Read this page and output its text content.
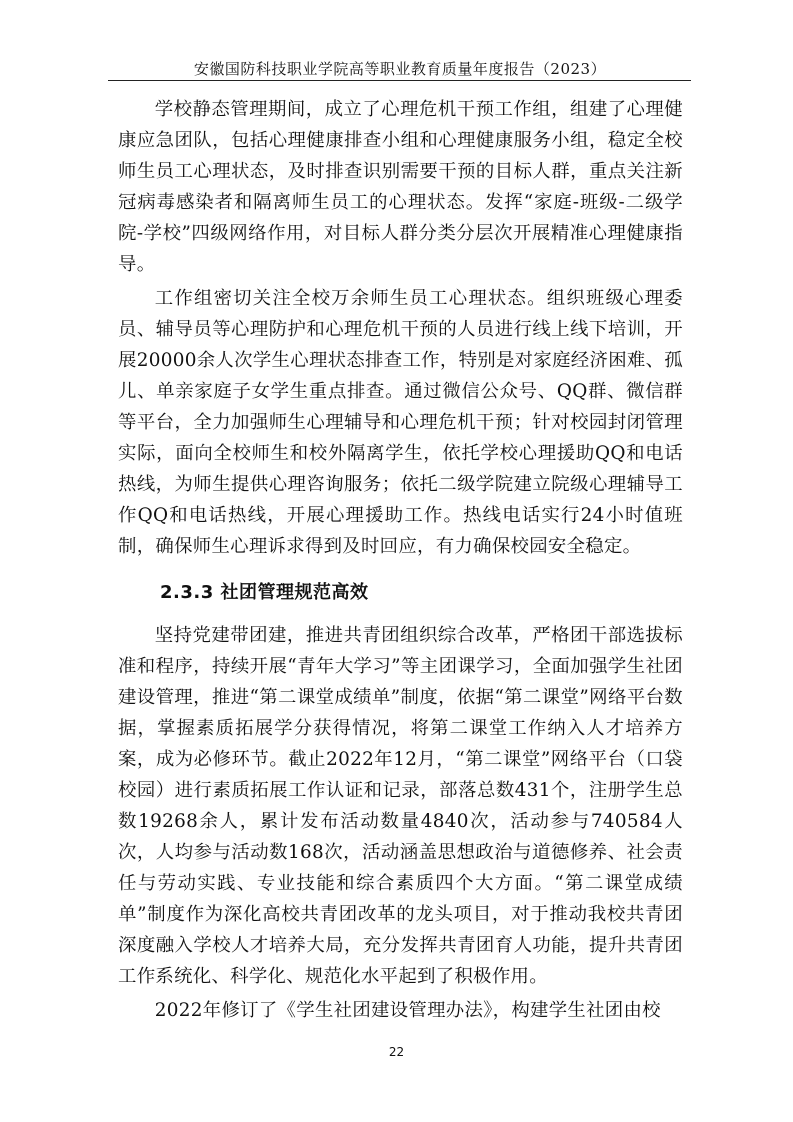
安徽国防科技职业学院高等职业教育质量年度报告（2023）

学校静态管理期间，成立了心理危机干预工作组，组建了心理健康应急团队，包括心理健康排查小组和心理健康服务小组，稳定全校师生员工心理状态，及时排查识别需要干预的目标人群，重点关注新冠病毒感染者和隔离师生员工的心理状态。发挥“家庭-班级-二级学院-学校”四级网络作用，对目标人群分类分层次开展精准心理健康指导。

工作组密切关注全校万余师生员工心理状态。组织班级心理委员、辅导员等心理防护和心理危机干预的人员进行线上线下培训，开展20000余人次学生心理状态排查工作，特别是对家庭经济困难、孤儿、单亲家庭子女学生重点排查。通过微信公众号、QQ群、微信群等平台，全力加强师生心理辅导和心理危机干预；针对校园封闭管理实际，面向全校师生和校外隔离学生，依托学校心理援助QQ和电话热线，为师生提供心理咨询服务；依托二级学院建立院级心理辅导工作QQ和电话热线，开展心理援助工作。热线电话实行24小时值班制，确保师生心理诉求得到及时回应，有力确保校园安全稳定。

2.3.3 社团管理规范高效

坚持党建带团建，推进共青团组织综合改革，严格团干部选拔标准和程序，持续开展“青年大学习”等主团课学习，全面加强学生社团建设管理，推进“第二课堂成绩单”制度，依据“第二课堂”网络平台数据，掌握素质拓展学分获得情况，将第二课堂工作纳入人才培养方案，成为必修环节。截止2022年12月，“第二课堂”网络平台（口袋校园）进行素质拓展工作认证和记录，部落总数431个，注册学生总数19268余人，累计发布活动数量4840次，活动参与740584人次，人均参与活动数168次，活动涵盖思想政治与道德修养、社会责任与劳动实践、专业技能和综合素质四个大方面。“第二课堂成绩单”制度作为深化高校共青团改革的龙头项目，对于推动我校共青团深度融入学校人才培养大局，充分发挥共青团育人功能，提升共青团工作系统化、科学化、规范化水平起到了积极作用。

2022年修订了《学生社团建设管理办法》，构建学生社团由校

22
